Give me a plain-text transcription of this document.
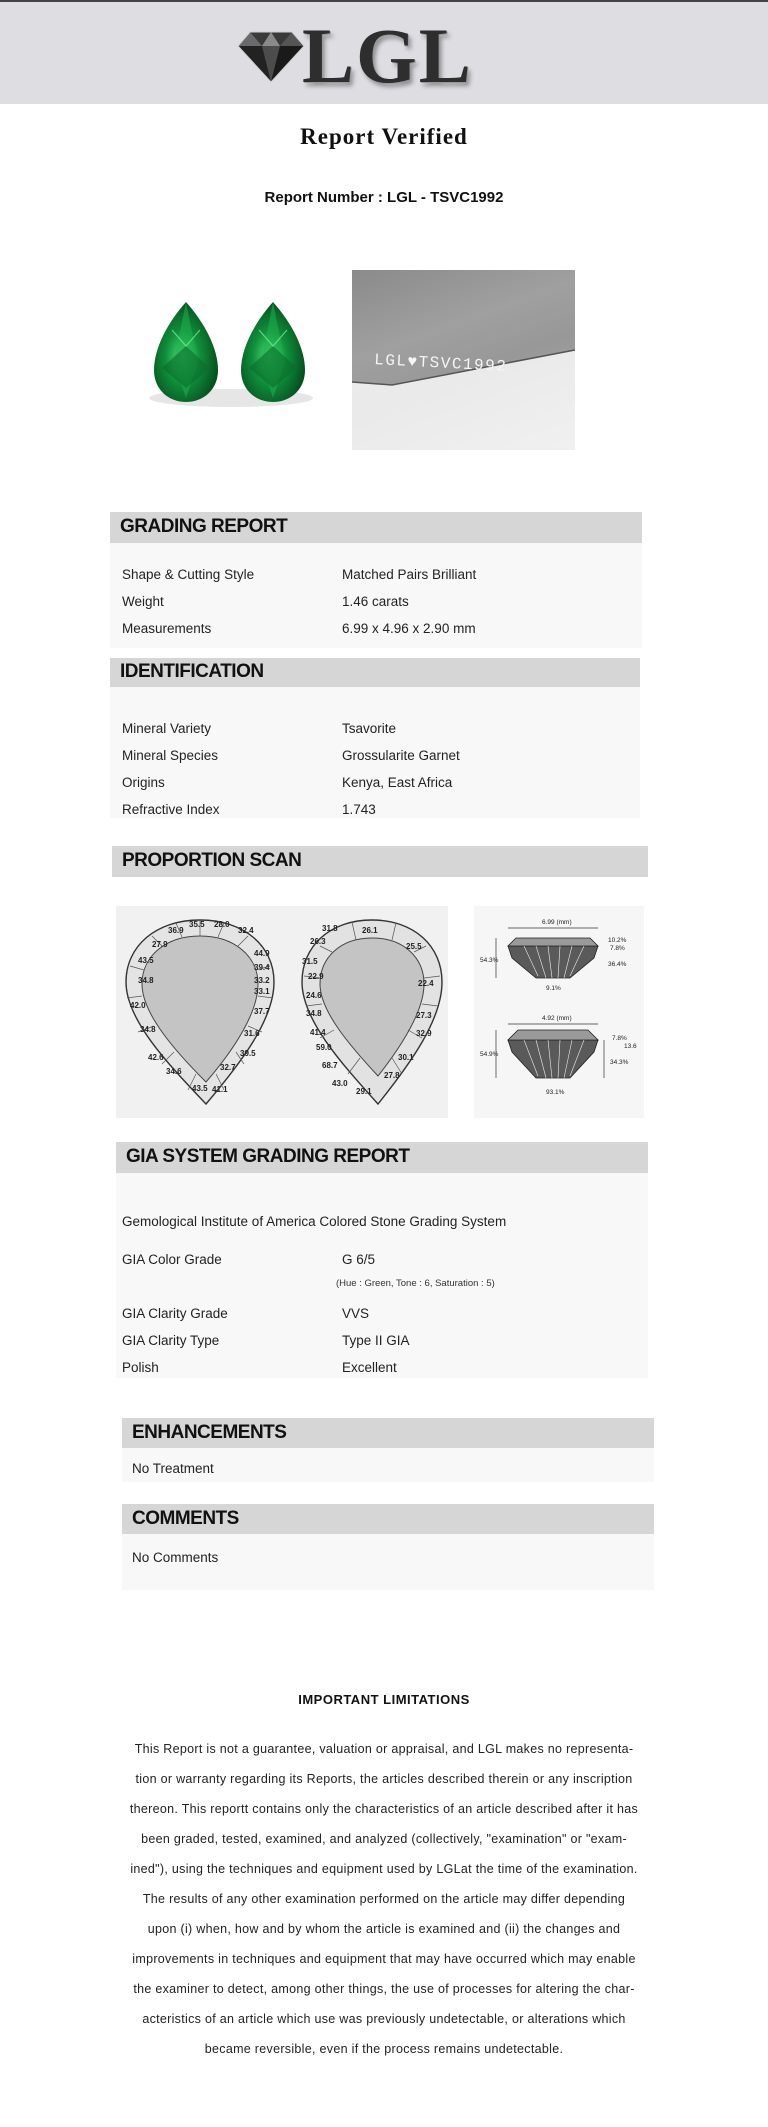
LGL
Report Verified
Report Number : LGL - TSVC1992
LGL♥TSVC1992
GRADING REPORT
Shape & Cutting Style	Matched Pairs Brilliant
Weight	1.46 carats
Measurements	6.99 x 4.96 x 2.90 mm
IDENTIFICATION
Mineral Variety	Tsavorite
Mineral Species	Grossularite Garnet
Origins	Kenya, East Africa
Refractive Index	1.743
PROPORTION SCAN
35.5 28.0
32.4
36.9
27.9
43.5
34.8
42.0
34.8
42.6
34.6
43.5 41.1
32.7
39.5
31.6
37.7
33.1
33.2
39.4
44.9
31.8	26.1
26.3
25.5
31.5
22.9
22.4
24.6
34.8	27.3
41.4	32.9
59.0
30.1
68.7
27.8
43.0
29.1
6.99 (mm)
54.3%
10.2%
7.8%
36.4%
9.1%
4.92 (mm)
54.9%
7.8%
13.6
34.3%
93.1%
GIA SYSTEM GRADING REPORT
Gemological Institute of America Colored Stone Grading System
GIA Color Grade	G 6/5
(Hue : Green, Tone : 6, Saturation : 5)
GIA Clarity Grade	VVS
GIA Clarity Type	Type II GIA
Polish	Excellent
ENHANCEMENTS
No Treatment
COMMENTS
No Comments
IMPORTANT LIMITATIONS
This Report is not a guarantee, valuation or appraisal, and LGL makes no representa-
tion or warranty regarding its Reports, the articles described therein or any inscription
thereon. This reportt contains only the characteristics of an article described after it has
been graded, tested, examined, and analyzed (collectively, "examination" or "exam-
ined"), using the techniques and equipment used by LGLat the time of the examination.
The results of any other examination performed on the article may differ depending
upon (i) when, how and by whom the article is examined and (ii) the changes and
improvements in techniques and equipment that may have occurred which may enable
the examiner to detect, among other things, the use of processes for altering the char-
acteristics of an article which use was previously undetectable, or alterations which
became reversible, even if the process remains undetectable.
